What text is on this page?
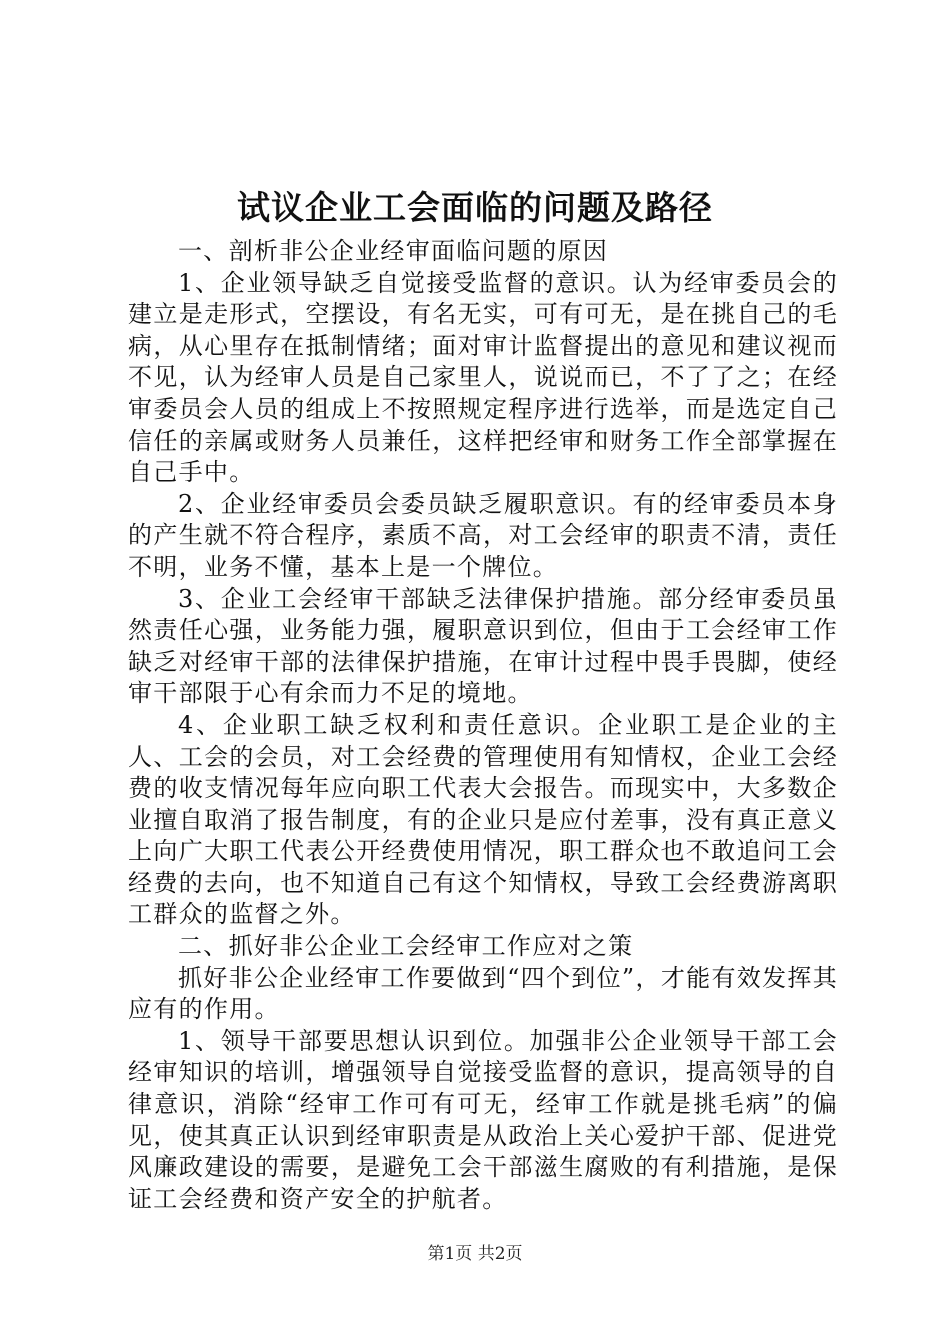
试议企业工会面临的问题及路径

一、剖析非公企业经审面临问题的原因

1、企业领导缺乏自觉接受监督的意识。认为经审委员会的建立是走形式，空摆设，有名无实，可有可无，是在挑自己的毛病，从心里存在抵制情绪；面对审计监督提出的意见和建议视而不见，认为经审人员是自己家里人，说说而已，不了了之；在经审委员会人员的组成上不按照规定程序进行选举，而是选定自己信任的亲属或财务人员兼任，这样把经审和财务工作全部掌握在自己手中。

2、企业经审委员会委员缺乏履职意识。有的经审委员本身的产生就不符合程序，素质不高，对工会经审的职责不清，责任不明，业务不懂，基本上是一个牌位。

3、企业工会经审干部缺乏法律保护措施。部分经审委员虽然责任心强，业务能力强，履职意识到位，但由于工会经审工作缺乏对经审干部的法律保护措施，在审计过程中畏手畏脚，使经审干部限于心有余而力不足的境地。

4、企业职工缺乏权利和责任意识。企业职工是企业的主人、工会的会员，对工会经费的管理使用有知情权，企业工会经费的收支情况每年应向职工代表大会报告。而现实中，大多数企业擅自取消了报告制度，有的企业只是应付差事，没有真正意义上向广大职工代表公开经费使用情况，职工群众也不敢追问工会经费的去向，也不知道自己有这个知情权，导致工会经费游离职工群众的监督之外。

二、抓好非公企业工会经审工作应对之策

抓好非公企业经审工作要做到“四个到位”，才能有效发挥其应有的作用。

1、领导干部要思想认识到位。加强非公企业领导干部工会经审知识的培训，增强领导自觉接受监督的意识，提高领导的自律意识，消除“经审工作可有可无，经审工作就是挑毛病”的偏见，使其真正认识到经审职责是从政治上关心爱护干部、促进党风廉政建设的需要，是避免工会干部滋生腐败的有利措施，是保证工会经费和资产安全的护航者。

第1页 共2页
